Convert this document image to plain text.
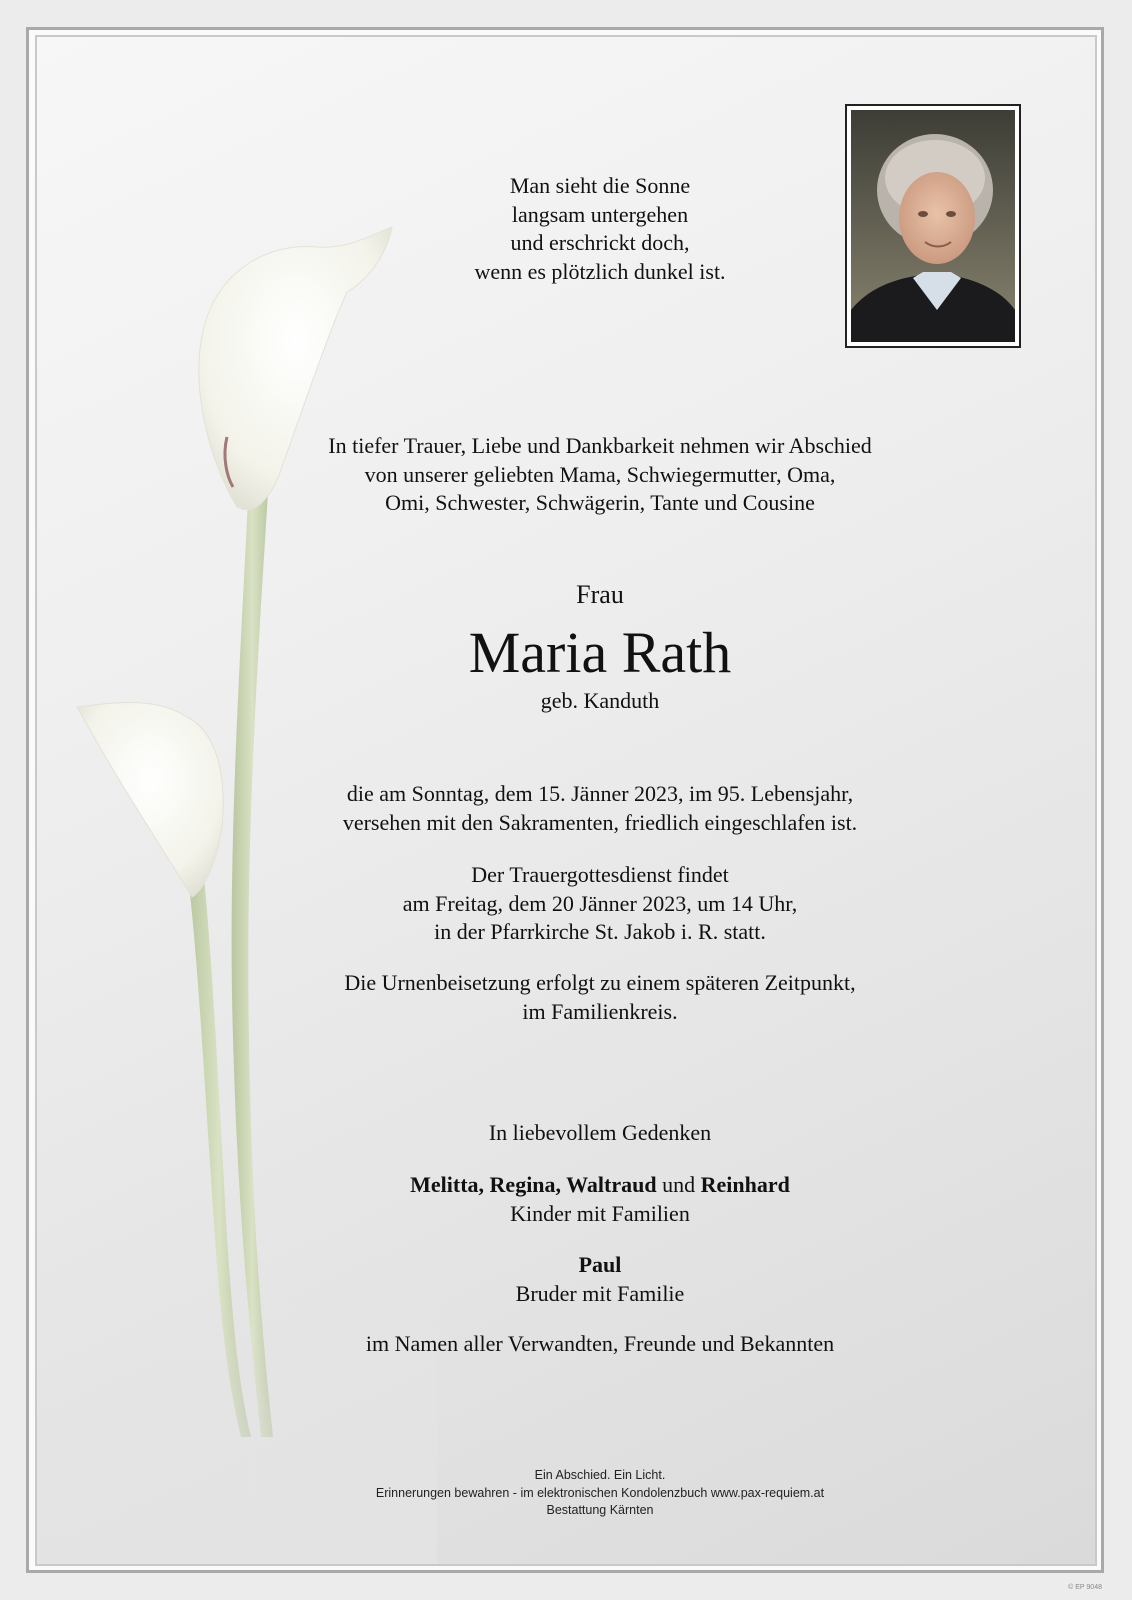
Man sieht die Sonne
langsam untergehen
und erschrickt doch,
wenn es plötzlich dunkel ist.
In tiefer Trauer, Liebe und Dankbarkeit nehmen wir Abschied
von unserer geliebten Mama, Schwiegermutter, Oma,
Omi, Schwester, Schwägerin, Tante und Cousine
Frau
Maria Rath
geb. Kanduth
die am Sonntag, dem 15. Jänner 2023, im 95. Lebensjahr,
versehen mit den Sakramenten, friedlich eingeschlafen ist.
Der Trauergottesdienst findet
am Freitag, dem 20 Jänner 2023, um 14 Uhr,
in der Pfarrkirche St. Jakob i. R. statt.
Die Urnenbeisetzung erfolgt zu einem späteren Zeitpunkt,
im Familienkreis.
In liebevollem Gedenken
Melitta, Regina, Waltraud und Reinhard
Kinder mit Familien
Paul
Bruder mit Familie
im Namen aller Verwandten, Freunde und Bekannten
Ein Abschied. Ein Licht.
Erinnerungen bewahren - im elektronischen Kondolenzbuch www.pax-requiem.at
Bestattung Kärnten
© EP 9048
